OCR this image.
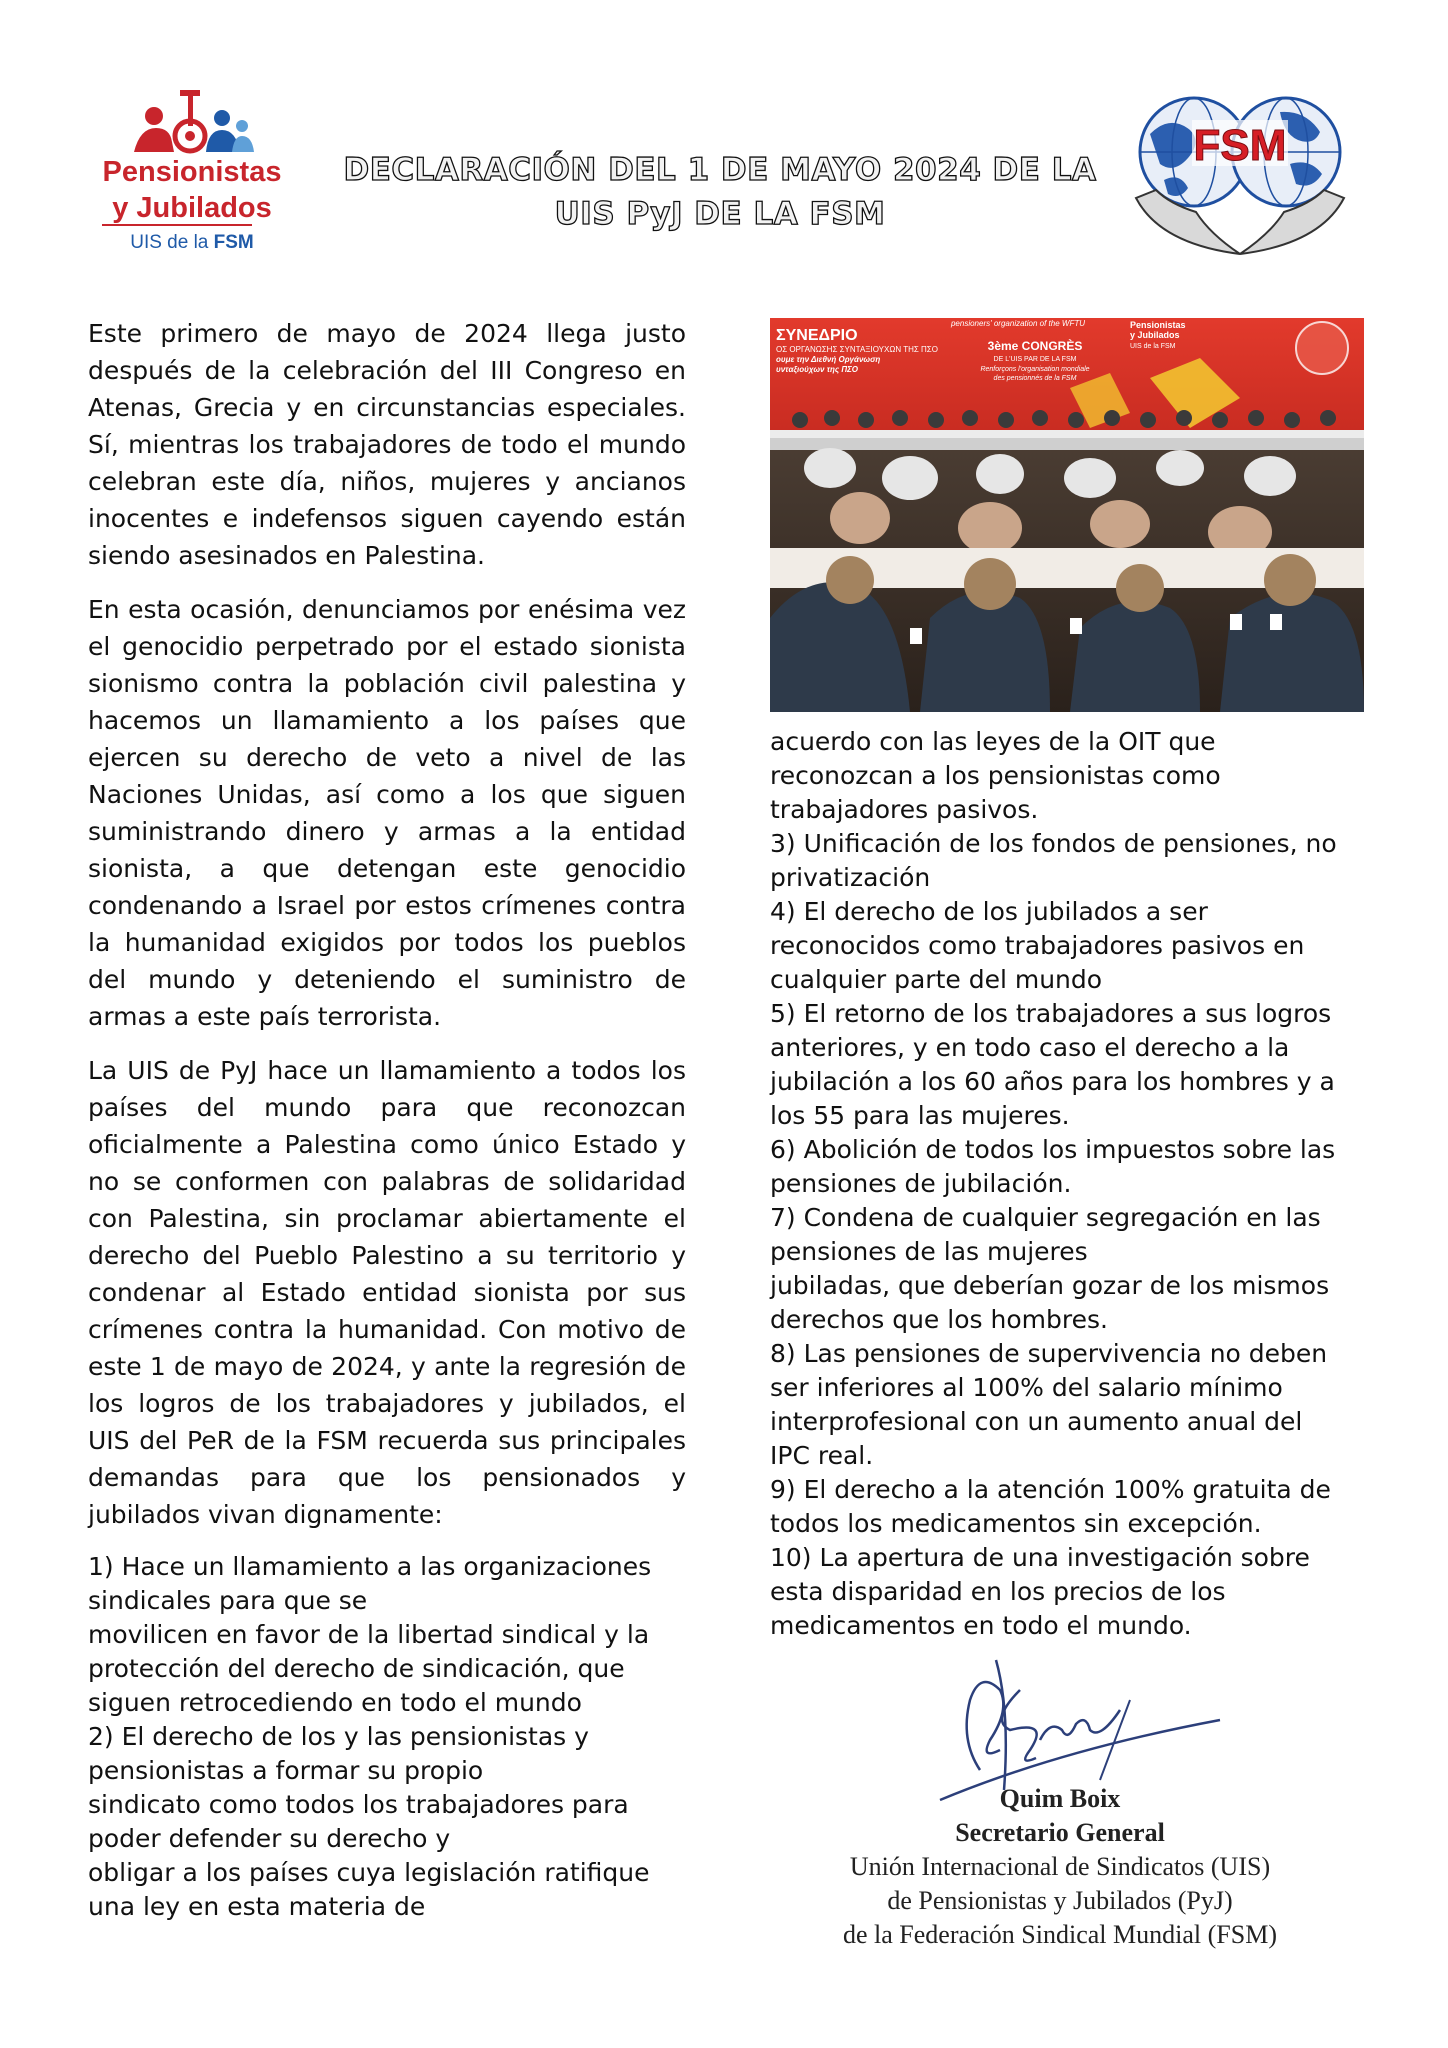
Pensionistas
y Jubilados
UIS de la FSM
DECLARACIÓN DEL 1 DE MAYO 2024 DE LA
UIS PyJ DE LA FSM
FSM

Este primero de mayo de 2024 llega justo después de la celebración del III Congreso en Atenas, Grecia y en circunstancias especiales. Sí, mientras los trabajadores de todo el mundo celebran este día, niños, mujeres y ancianos inocentes e indefensos siguen cayendo están siendo asesinados en Palestina.

En esta ocasión, denunciamos por enésima vez el genocidio perpetrado por el estado sionista sionismo contra la población civil palestina y hacemos un llamamiento a los países que ejercen su derecho de veto a nivel de las Naciones Unidas, así como a los que siguen suministrando dinero y armas a la entidad sionista, a que detengan este genocidio condenando a Israel por estos crímenes contra la humanidad exigidos por todos los pueblos del mundo y deteniendo el suministro de armas a este país terrorista.

La UIS de PyJ hace un llamamiento a todos los países del mundo para que reconozcan oficialmente a Palestina como único Estado y no se conformen con palabras de solidaridad con Palestina, sin proclamar abiertamente el derecho del Pueblo Palestino a su territorio y condenar al Estado entidad sionista por sus crímenes contra la humanidad. Con motivo de este 1 de mayo de 2024, y ante la regresión de los logros de los trabajadores y jubilados, el UIS del PeR de la FSM recuerda sus principales demandas para que los pensionados y jubilados vivan dignamente:

1) Hace un llamamiento a las organizaciones
sindicales para que se
movilicen en favor de la libertad sindical y la
protección del derecho de sindicación, que
siguen retrocediendo en todo el mundo
2) El derecho de los y las pensionistas y
pensionistas a formar su propio
sindicato como todos los trabajadores para
poder defender su derecho y
obligar a los países cuya legislación ratifique
una ley en esta materia de
ΣΥΝΕΔΡΙΟ
ΟΣ ΟΡΓΑΝΩΣΗΣ ΣΥΝΤΑΞΙΟΥΧΩΝ ΤΗΣ ΠΣΟ
ουμε την Διεθνή Οργάνωση
υνταξιούχων της ΠΣΟ
pensioners' organization of the WFTU
3ème CONGRÈS
DE L'UIS PAR DE LA FSM
Renforçons l'organisation mondiale
des pensionnés de la FSM
Pensionistas
y Jubilados
UIS de la FSM
acuerdo con las leyes de la OIT que
reconozcan a los pensionistas como
trabajadores pasivos.
3) Unificación de los fondos de pensiones, no
privatización
4) El derecho de los jubilados a ser
reconocidos como trabajadores pasivos en
cualquier parte del mundo
5) El retorno de los trabajadores a sus logros
anteriores, y en todo caso el derecho a la
jubilación a los 60 años para los hombres y a
los 55 para las mujeres.
6) Abolición de todos los impuestos sobre las
pensiones de jubilación.
7) Condena de cualquier segregación en las
pensiones de las mujeres
jubiladas, que deberían gozar de los mismos
derechos que los hombres.
8) Las pensiones de supervivencia no deben
ser inferiores al 100% del salario mínimo
interprofesional con un aumento anual del
IPC real.
9) El derecho a la atención 100% gratuita de
todos los medicamentos sin excepción.
10) La apertura de una investigación sobre
esta disparidad en los precios de los
medicamentos en todo el mundo.
Quim Boix
Secretario General
Unión Internacional de Sindicatos (UIS)
de Pensionistas y Jubilados (PyJ)
de la Federación Sindical Mundial (FSM)
